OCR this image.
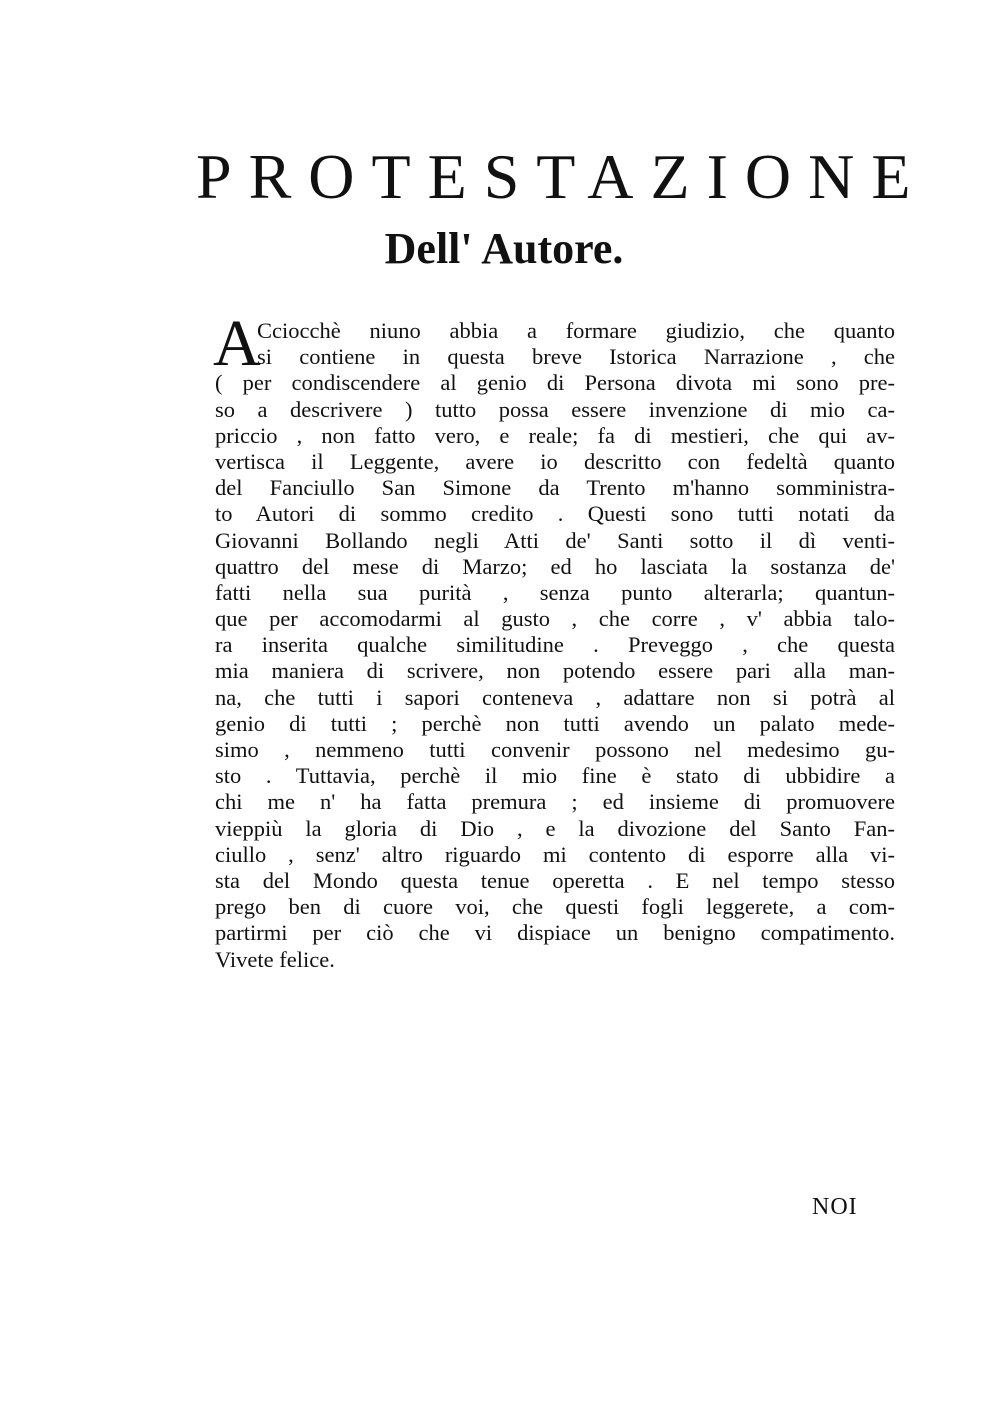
PROTESTAZIONE
Dell' Autore.
A
Cciocchè niuno abbia a formare giudizio, che quanto
si contiene in questa breve Istorica Narrazione , che
( per condiscendere al genio di Persona divota mi sono pre-
so a descrivere ) tutto possa essere invenzione di mio ca-
priccio , non fatto vero, e reale; fa di mestieri, che qui av-
vertisca il Leggente, avere io descritto con fedeltà quanto
del Fanciullo San Simone da Trento m'hanno somministra-
to Autori di sommo credito . Questi sono tutti notati da
Giovanni Bollando negli Atti de' Santi sotto il dì venti-
quattro del mese di Marzo; ed ho lasciata la sostanza de'
fatti nella sua purità , senza punto alterarla; quantun-
que per accomodarmi al gusto , che corre , v' abbia talo-
ra inserita qualche similitudine . Preveggo , che questa
mia maniera di scrivere, non potendo essere pari alla man-
na, che tutti i sapori conteneva , adattare non si potrà al
genio di tutti ; perchè non tutti avendo un palato mede-
simo , nemmeno tutti convenir possono nel medesimo gu-
sto . Tuttavia, perchè il mio fine è stato di ubbidire a
chi me n' ha fatta premura ; ed insieme di promuovere
vieppiù la gloria di Dio , e la divozione del Santo Fan-
ciullo , senz' altro riguardo mi contento di esporre alla vi-
sta del Mondo questa tenue operetta . E nel tempo stesso
prego ben di cuore voi, che questi fogli leggerete, a com-
partirmi per ciò che vi dispiace un benigno compatimento.
Vivete felice.
NOI
